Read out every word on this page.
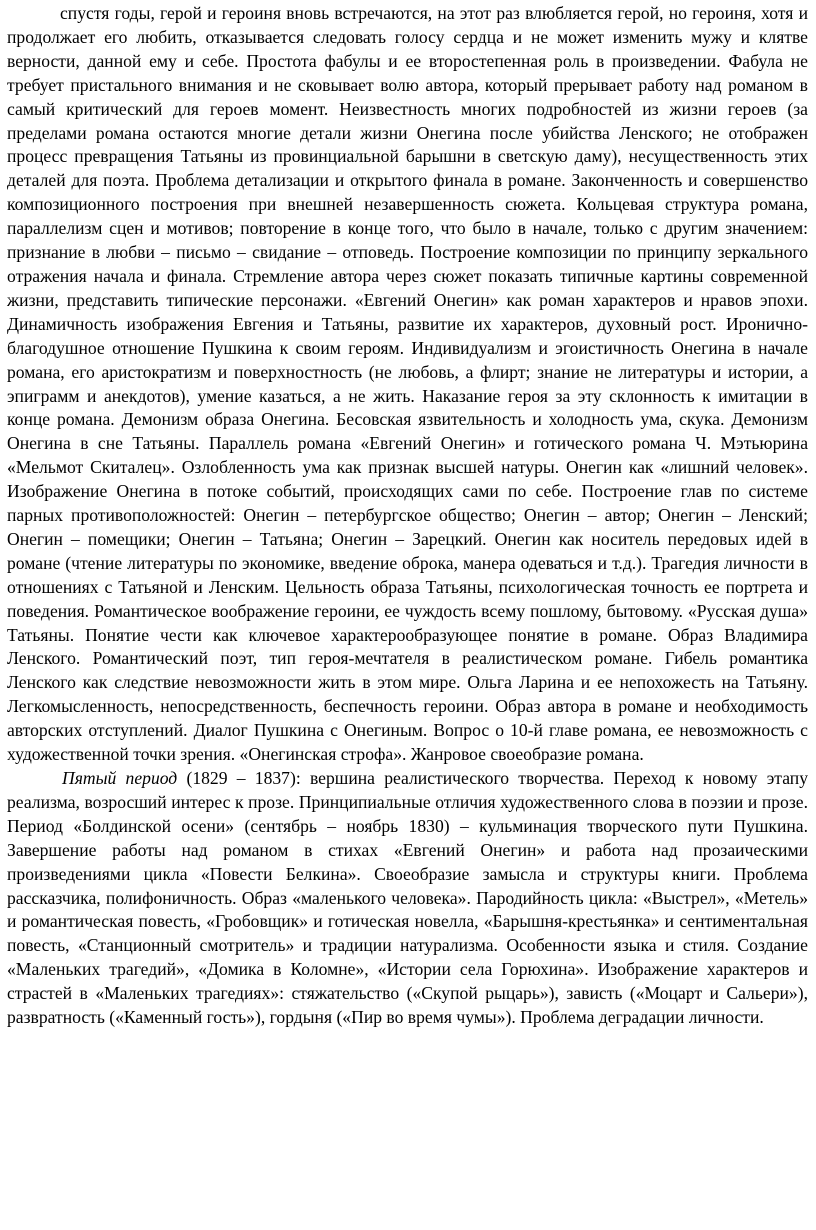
спустя годы, герой и героиня вновь встречаются, на этот раз влюбляется герой, но героиня, хотя и продолжает его любить, отказывается следовать голосу сердца и не может изменить мужу и клятве верности, данной ему и себе. Простота фабулы и ее второстепенная роль в произведении. Фабула не требует пристального внимания и не сковывает волю автора, который прерывает работу над романом в самый критический для героев момент. Неизвестность многих подробностей из жизни героев (за пределами романа остаются многие детали жизни Онегина после убийства Ленского; не отображен процесс превращения Татьяны из провинциальной барышни в светскую даму), несущественность этих деталей для поэта. Проблема детализации и открытого финала в романе. Законченность и совершенство композиционного построения при внешней незавершенность сюжета. Кольцевая структура романа, параллелизм сцен и мотивов; повторение в конце того, что было в начале, только с другим значением: признание в любви – письмо – свидание – отповедь. Построение композиции по принципу зеркального отражения начала и финала. Стремление автора через сюжет показать типичные картины современной жизни, представить типические персонажи. «Евгений Онегин» как роман характеров и нравов эпохи. Динамичность изображения Евгения и Татьяны, развитие их характеров, духовный рост. Иронично-благодушное отношение Пушкина к своим героям. Индивидуализм и эгоистичность Онегина в начале романа, его аристократизм и поверхностность (не любовь, а флирт; знание не литературы и истории, а эпиграмм и анекдотов), умение казаться, а не жить. Наказание героя за эту склонность к имитации в конце романа. Демонизм образа Онегина. Бесовская язвительность и холодность ума, скука. Демонизм Онегина в сне Татьяны. Параллель романа «Евгений Онегин» и готического романа Ч. Мэтьюрина «Мельмот Скиталец». Озлобленность ума как признак высшей натуры. Онегин как «лишний человек». Изображение Онегина в потоке событий, происходящих сами по себе. Построение глав по системе парных противоположностей: Онегин – петербургское общество; Онегин – автор; Онегин – Ленский; Онегин – помещики; Онегин – Татьяна; Онегин – Зарецкий. Онегин как носитель передовых идей в романе (чтение литературы по экономике, введение оброка, манера одеваться и т.д.). Трагедия личности в отношениях с Татьяной и Ленским. Цельность образа Татьяны, психологическая точность ее портрета и поведения. Романтическое воображение героини, ее чуждость всему пошлому, бытовому. «Русская душа» Татьяны. Понятие чести как ключевое характерообразующее понятие в романе. Образ Владимира Ленского. Романтический поэт, тип героя-мечтателя в реалистическом романе. Гибель романтика Ленского как следствие невозможности жить в этом мире. Ольга Ларина и ее непохожесть на Татьяну. Легкомысленность, непосредственность, беспечность героини. Образ автора в романе и необходимость авторских отступлений. Диалог Пушкина с Онегиным. Вопрос о 10-й главе романа, ее невозможность с художественной точки зрения. «Онегинская строфа». Жанровое своеобразие романа.

Пятый период (1829 – 1837): вершина реалистического творчества. Переход к новому этапу реализма, возросший интерес к прозе. Принципиальные отличия художественного слова в поэзии и прозе. Период «Болдинской осени» (сентябрь – ноябрь 1830) – кульминация творческого пути Пушкина. Завершение работы над романом в стихах «Евгений Онегин» и работа над прозаическими произведениями цикла «Повести Белкина». Своеобразие замысла и структуры книги. Проблема рассказчика, полифоничность. Образ «маленького человека». Пародийность цикла: «Выстрел», «Метель» и романтическая повесть, «Гробовщик» и готическая новелла, «Барышня-крестьянка» и сентиментальная повесть, «Станционный смотритель» и традиции натурализма. Особенности языка и стиля. Создание «Маленьких трагедий», «Домика в Коломне», «Истории села Горюхина». Изображение характеров и страстей в «Маленьких трагедиях»: стяжательство («Скупой рыцарь»), зависть («Моцарт и Сальери»), развратность («Каменный гость»), гордыня («Пир во время чумы»). Проблема деградации личности.
